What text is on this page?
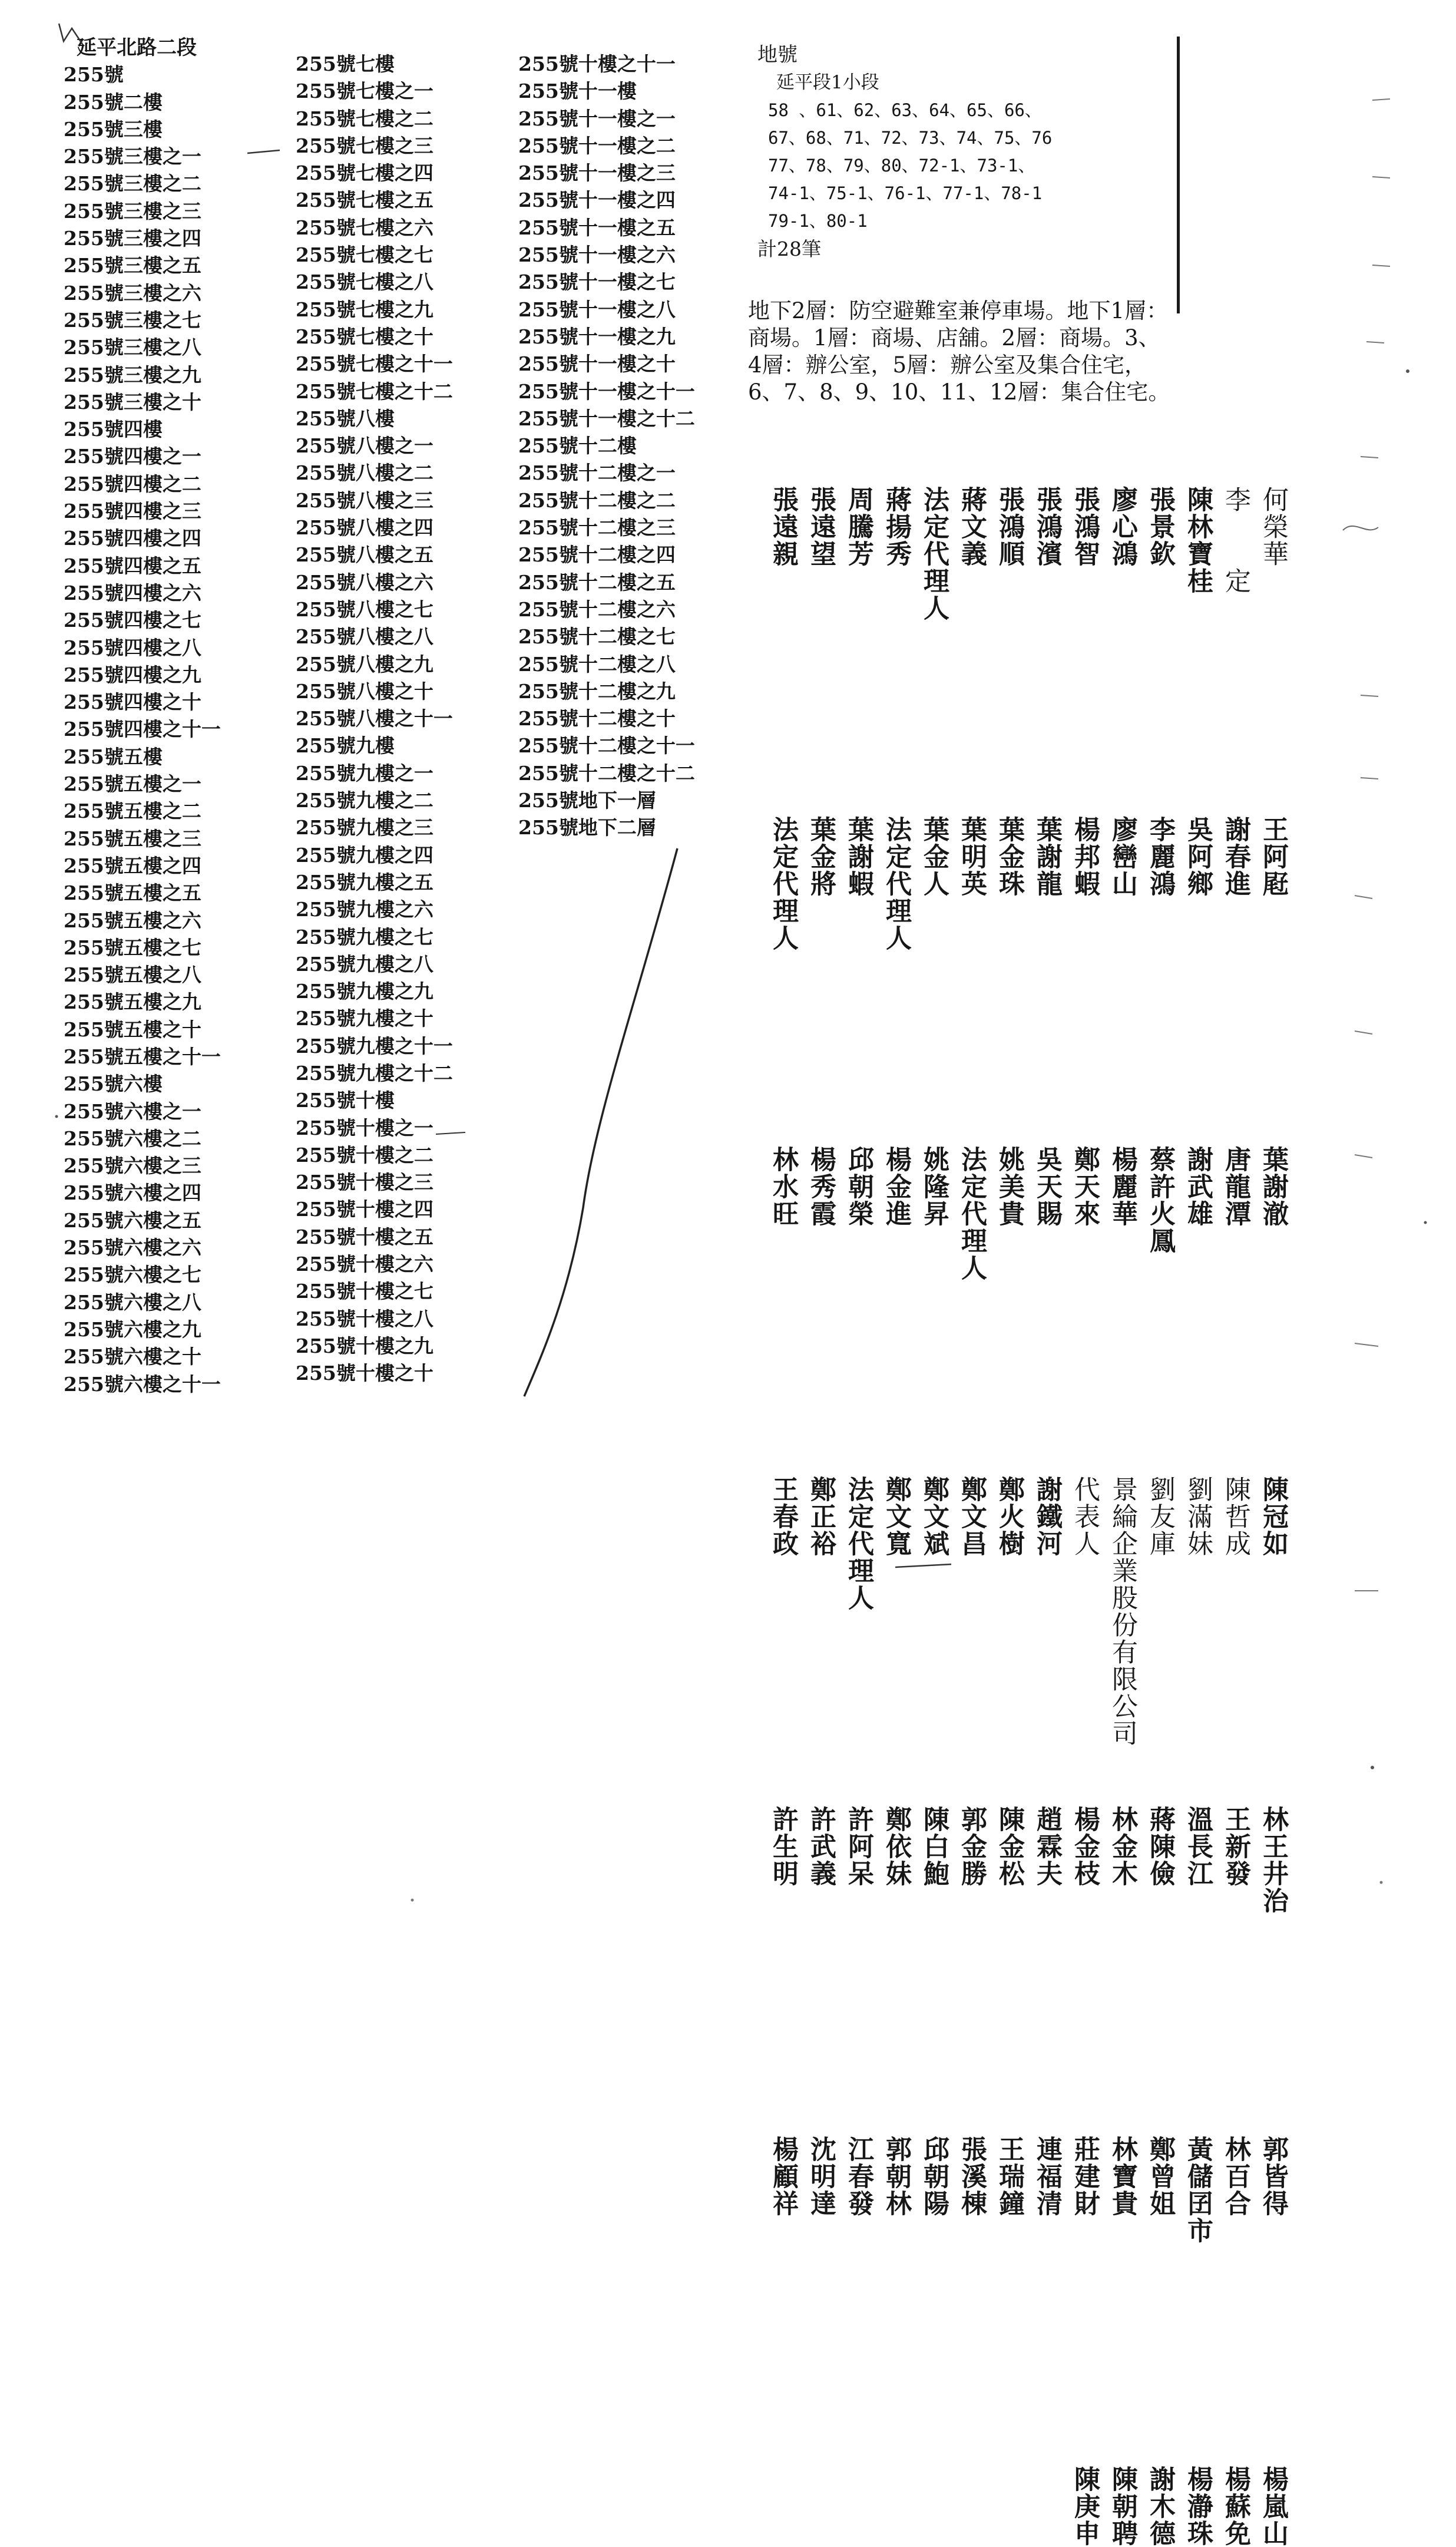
延平北路二段
255號
255號二樓
255號三樓
255號三樓之一
255號三樓之二
255號三樓之三
255號三樓之四
255號三樓之五
255號三樓之六
255號三樓之七
255號三樓之八
255號三樓之九
255號三樓之十
255號四樓
255號四樓之一
255號四樓之二
255號四樓之三
255號四樓之四
255號四樓之五
255號四樓之六
255號四樓之七
255號四樓之八
255號四樓之九
255號四樓之十
255號四樓之十一
255號五樓
255號五樓之一
255號五樓之二
255號五樓之三
255號五樓之四
255號五樓之五
255號五樓之六
255號五樓之七
255號五樓之八
255號五樓之九
255號五樓之十
255號五樓之十一
255號六樓
255號六樓之一
255號六樓之二
255號六樓之三
255號六樓之四
255號六樓之五
255號六樓之六
255號六樓之七
255號六樓之八
255號六樓之九
255號六樓之十
255號六樓之十一
255號七樓
255號七樓之一
255號七樓之二
255號七樓之三
255號七樓之四
255號七樓之五
255號七樓之六
255號七樓之七
255號七樓之八
255號七樓之九
255號七樓之十
255號七樓之十一
255號七樓之十二
255號八樓
255號八樓之一
255號八樓之二
255號八樓之三
255號八樓之四
255號八樓之五
255號八樓之六
255號八樓之七
255號八樓之八
255號八樓之九
255號八樓之十
255號八樓之十一
255號九樓
255號九樓之一
255號九樓之二
255號九樓之三
255號九樓之四
255號九樓之五
255號九樓之六
255號九樓之七
255號九樓之八
255號九樓之九
255號九樓之十
255號九樓之十一
255號九樓之十二
255號十樓
255號十樓之一
255號十樓之二
255號十樓之三
255號十樓之四
255號十樓之五
255號十樓之六
255號十樓之七
255號十樓之八
255號十樓之九
255號十樓之十
255號十樓之十一
255號十一樓
255號十一樓之一
255號十一樓之二
255號十一樓之三
255號十一樓之四
255號十一樓之五
255號十一樓之六
255號十一樓之七
255號十一樓之八
255號十一樓之九
255號十一樓之十
255號十一樓之十一
255號十一樓之十二
255號十二樓
255號十二樓之一
255號十二樓之二
255號十二樓之三
255號十二樓之四
255號十二樓之五
255號十二樓之六
255號十二樓之七
255號十二樓之八
255號十二樓之九
255號十二樓之十
255號十二樓之十一
255號十二樓之十二
255號地下一層
255號地下二層
地號
延平段1小段
58 、61、62、63、64、65、66、
67、68、71、72、73、74、75、76
77、78、79、80、72-1、73-1、
74-1、75-1、76-1、77-1、78-1
79-1、80-1
計28筆

地下2層：防空避難室兼停車場。地下1層：商場。1層：商場、店舖。2層：商場。3、4層：辦公室，5層：辦公室及集合住宅，6、7、8、9、10、11、12層：集合住宅。

何榮華
李　　定
陳林寶桂
張景欽
廖心鴻
張鴻智
張鴻濱
張鴻順
蔣文義
法定代理人
蔣揚秀
周騰芳
張遠望
張遠親
王阿屘
謝春進
吳阿鄉
李麗鴻
廖巒山
楊邦蝦
葉謝龍
葉金珠
葉明英
葉金人
法定代理人
葉謝蝦
葉金將
法定代理人
葉謝澈
唐龍潭
謝武雄
蔡許火鳳
楊麗華
鄭天來
吳天賜
姚美貴
法定代理人
姚隆昇
楊金進
邱朝榮
楊秀霞
林水旺
陳冠如
陳哲成
劉滿妹
劉友庫
景綸企業股份有限公司
代表人
謝鐵河
鄭火樹
鄭文昌
鄭文斌
鄭文寬
法定代理人
鄭正裕
王春政
林王井治
王新發
溫長江
蔣陳儉
林金木
楊金枝
趙霖夫
陳金松
郭金勝
陳白鮑
鄭依妹
許阿呆
許武義
許生明
郭皆得
林百合
黃儲囝市
鄭曾姐
林寶貴
莊建財
連福清
王瑞鐘
張溪棟
邱朝陽
郭朝林
江春發
沈明達
楊顧祥
楊嵐山
楊蘇免
楊瀞珠
謝木德
陳朝聘
陳庚申
